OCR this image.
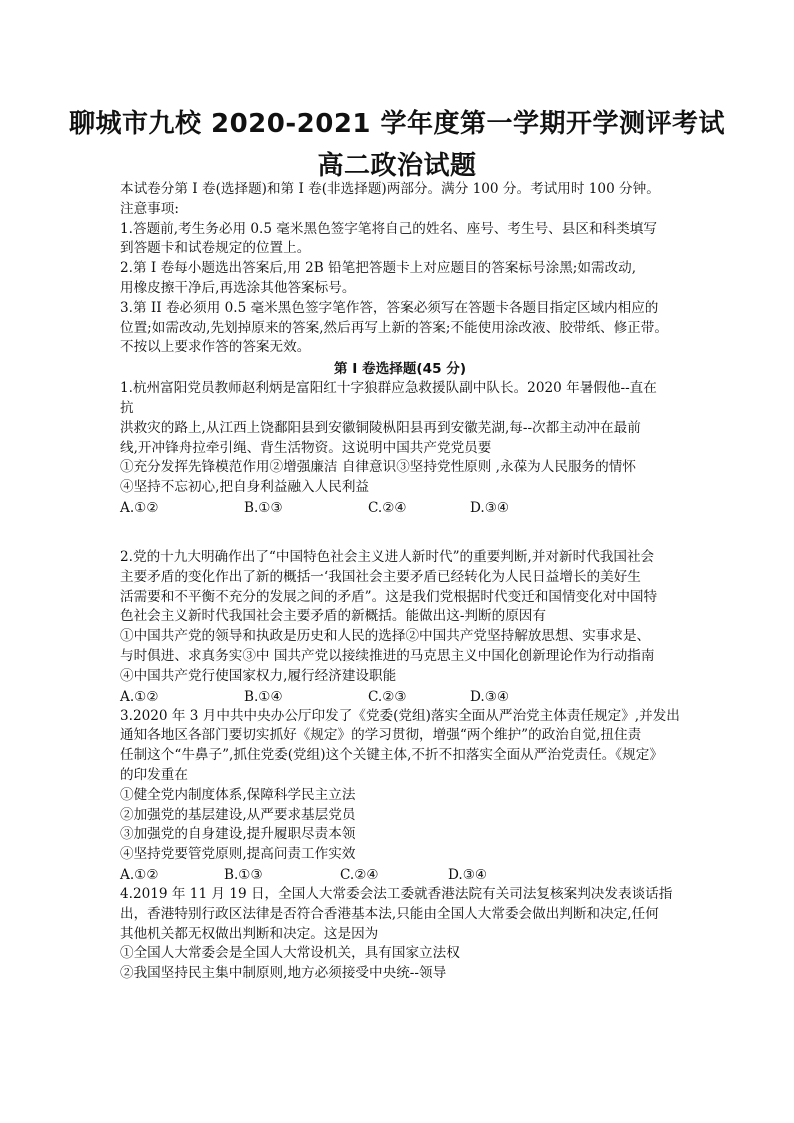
聊城市九校 2020-2021 学年度第一学期开学测评考试
高二政治试题
本试卷分第 I 卷(选择题)和第 I 卷(非选择题)两部分。满分 100 分。考试用时 100 分钟。
注意事项:
1.答题前,考生务必用 0.5 毫米黑色签字笔将自己的姓名、座号、考生号、县区和科类填写
到答题卡和试卷规定的位置上。
2.第 I 卷每小题选出答案后,用 2B 铅笔把答题卡上对应题目的答案标号涂黑;如需改动,
用橡皮擦干净后,再选涂其他答案标号。
3.第 II 卷必须用 0.5 毫米黑色签字笔作答，答案必须写在答题卡各题目指定区域内相应的
位置;如需改动,先划掉原来的答案,然后再写上新的答案;不能使用涂改液、胶带纸、修正带。
不按以上要求作答的答案无效。
第 I 卷选择题(45 分)
1.杭州富阳党员教师赵利炳是富阳红十字狼群应急救援队副中队长。2020 年暑假他--直在
抗
洪救灾的路上,从江西上饶鄱阳县到安徽铜陵枞阳县再到安徽芜湖,每--次都主动冲在最前
线,开冲锋舟拉牵引绳、背生活物资。这说明中国共产党党员要
①充分发挥先锋模范作用②增强廉洁 自律意识③坚持党性原则 ,永葆为人民服务的情怀
④坚持不忘初心,把自身利益融入人民利益
A.①②	B.①③	C.②④	D.③④
2.党的十九大明确作出了“中国特色社会主义进人新时代”的重要判断,并对新时代我国社会
主要矛盾的变化作出了新的概括一‘我国社会主要矛盾已经转化为人民日益增长的美好生
活需要和不平衡不充分的发展之间的矛盾”。这是我们党根据时代变迁和国情变化对中国特
色社会主义新时代我国社会主要矛盾的新概括。能做出这-判断的原因有
①中国共产党的领导和执政是历史和人民的选择②中国共产党坚持解放思想、实事求是、
与时俱进、求真务实③中 国共产党以接续推进的马克思主义中国化创新理论作为行动指南
④中国共产党行使国家权力,履行经济建设职能
A.①②	B.①④	C.②③	D.③④
3.2020 年 3 月中共中央办公厅印发了《党委(党组)落实全面从严治党主体责任规定》,并发出
通知各地区各部门要切实抓好《规定》的学习贯彻，增强“两个维护”的政治自觉,扭住责
任制这个“牛鼻子”,抓住党委(党组)这个关键主体,不折不扣落实全面从严治党责任。《规定》
的印发重在
①健全党内制度体系,保障科学民主立法
②加强党的基层建设,从严要求基层党员
③加强党的自身建设,提升履职尽责本领
④坚持党要管党原则,提高问责工作实效
A.①②	B.①③	C.②④	D.③④
4.2019 年 11 月 19 日，全国人大常委会法工委就香港法院有关司法复核案判决发表谈话指
出，香港特别行政区法律是否符合香港基本法,只能由全国人大常委会做出判断和决定,任何
其他机关都无权做出判断和决定。这是因为
①全国人大常委会是全国人大常设机关，具有国家立法权
②我国坚持民主集中制原则,地方必须接受中央统--领导
